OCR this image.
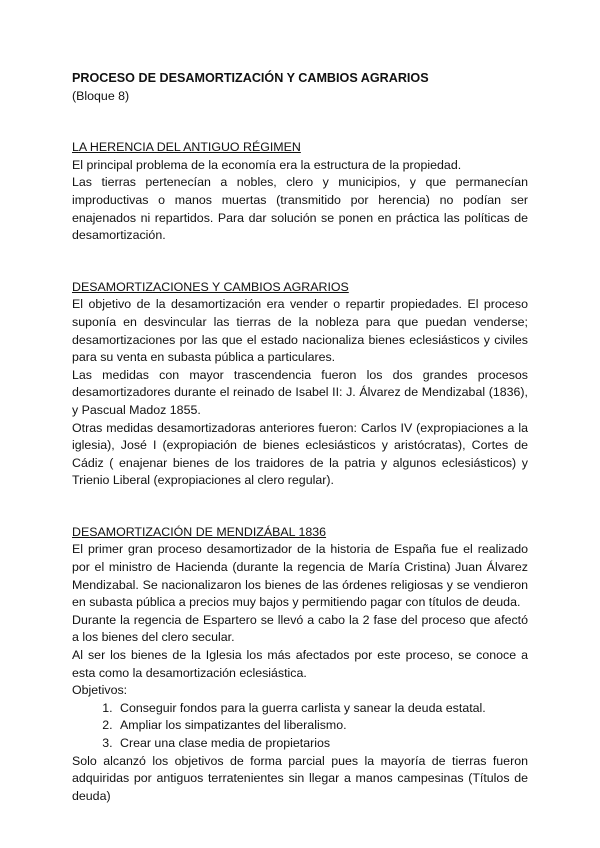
PROCESO DE DESAMORTIZACIÓN Y CAMBIOS AGRARIOS

(Bloque 8)

LA HERENCIA DEL ANTIGUO RÉGIMEN

El principal problema de la economía era la estructura de la propiedad.

Las tierras pertenecían a nobles, clero y municipios, y que permanecían improductivas o manos muertas (transmitido por herencia) no podían ser enajenados ni repartidos. Para dar solución se ponen en práctica las políticas de desamortización.

DESAMORTIZACIONES Y CAMBIOS AGRARIOS

El objetivo de la desamortización era vender o repartir propiedades. El proceso suponía en desvincular las tierras de la nobleza para que puedan venderse; desamortizaciones por las que el estado nacionaliza bienes eclesiásticos y civiles para su venta en subasta pública a particulares.

Las medidas con mayor trascendencia fueron los dos grandes procesos desamortizadores durante el reinado de Isabel II: J. Álvarez de Mendizabal (1836), y Pascual Madoz 1855.

Otras medidas desamortizadoras anteriores fueron: Carlos IV (expropiaciones a la iglesia), José I (expropiación de bienes eclesiásticos y aristócratas), Cortes de Cádiz ( enajenar bienes de los traidores de la patria y algunos eclesiásticos) y Trienio Liberal (expropiaciones al clero regular).

DESAMORTIZACIÓN DE MENDIZÁBAL 1836

El primer gran proceso desamortizador de la historia de España fue el realizado por el ministro de Hacienda (durante la regencia de María Cristina) Juan Álvarez Mendizabal. Se nacionalizaron los bienes de las órdenes religiosas y se vendieron en subasta pública a precios muy bajos y permitiendo pagar con títulos de deuda.

Durante la regencia de Espartero se llevó a cabo la 2 fase del proceso que afectó a los bienes del clero secular.

Al ser los bienes de la Iglesia los más afectados por este proceso, se conoce a esta como la desamortización eclesiástica.

Objetivos:

1. Conseguir fondos para la guerra carlista y sanear la deuda estatal.
2. Ampliar los simpatizantes del liberalismo.
3. Crear una clase media de propietarios

Solo alcanzó los objetivos de forma parcial pues la mayoría de tierras fueron adquiridas por antiguos terratenientes sin llegar a manos campesinas (Títulos de deuda)
